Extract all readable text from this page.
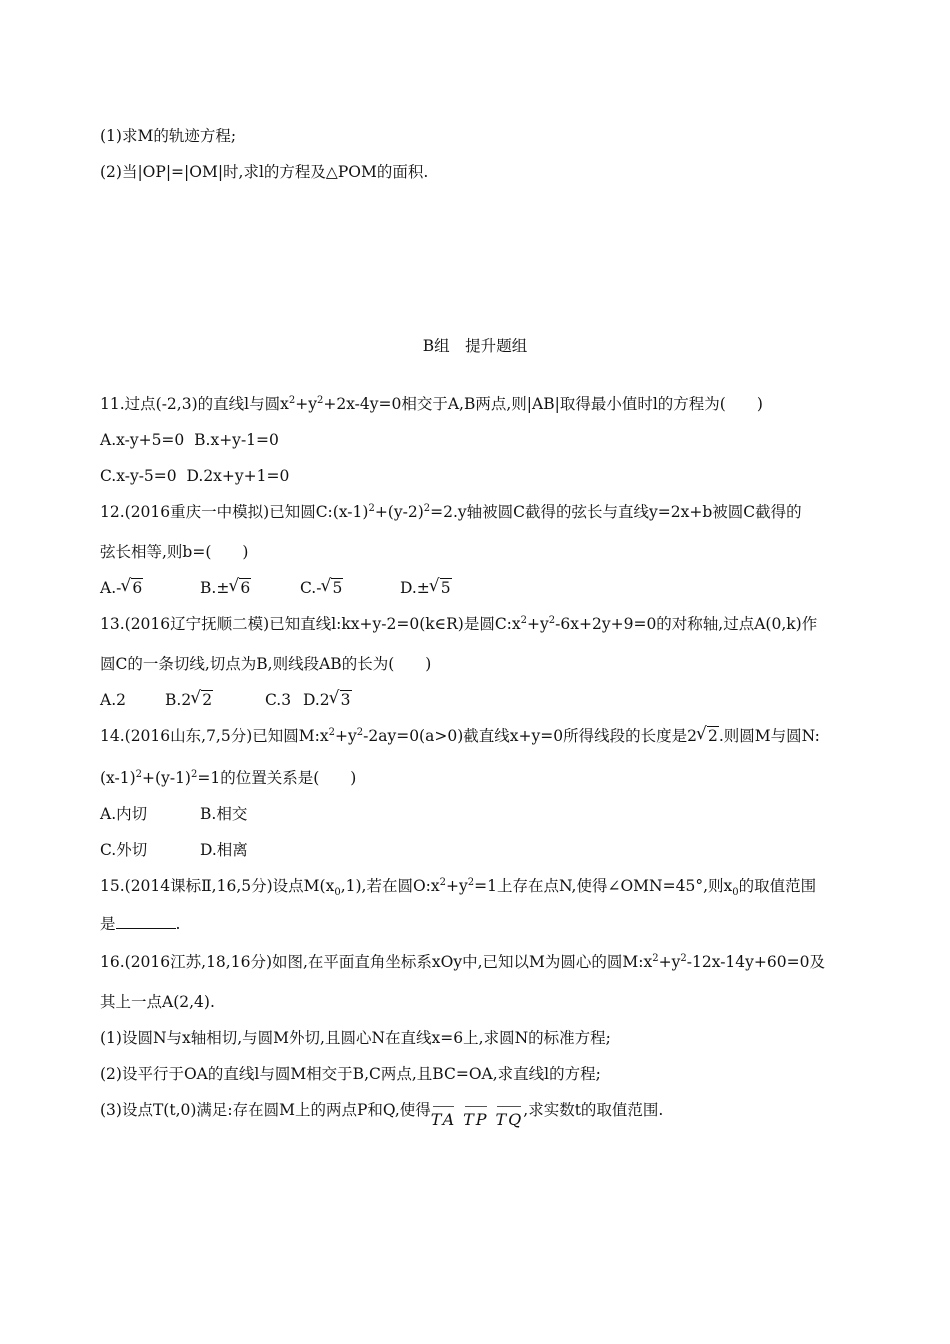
(1)求M的轨迹方程;
(2)当|OP|=|OM|时,求l的方程及△POM的面积.
B组　提升题组
11.过点(-2,3)的直线l与圆$x^2+y^2+2x-4y=0$相交于A,B两点,则|AB|取得最小值时l的方程为(　　)
A.x-y+5=0 B.x+y-1=0
C.x-y-5=0 D.2x+y+1=0
12.(2016重庆一中模拟)已知圆$C:(x-1)^2+(y-2)^2=2.y$轴被圆C截得的弦长与直线y=2x+b被圆C截得的
弦长相等,则b=(　　)
A.- √ 6	B.± √ 6	C.- √ 5	D.± √ 5
13.(2016辽宁抚顺二模)已知直线l:kx+y-2=0(k∈R)是圆$C:x^2+y^2-6x+2y+9=0$的对称轴,过点A(0,k)作
圆C的一条切线,切点为B,则线段AB的长为(　　)
A.2	B.2 √ 2	C.3 D.2 √ 3
14.(2016山东,7,5分)已知圆$M:x^2+y^2-2ay=0(a>0)$截直线x+y=0所得线段的长度是2 √ 2.则圆M与圆N:
$(x-1)^2+(y-1)^2=1$的位置关系是(　　)
A.内切	B.相交
C.外切	D.相离
15.(2014课标Ⅱ,16,5分)设点$M(x_0,1)$,若在圆$O:x^2+y^2=1$上存在点N,使得∠OMN=45°,则$x_0$的取值范围
是	.
16.(2016江苏,18,16分)如图,在平面直角坐标系xOy中,已知以M为圆心的圆$M:x^2+y^2-12x-14y+60=0$及
其上一点A(2,4).
(1)设圆N与x轴相切,与圆M外切,且圆心N在直线x=6上,求圆N的标准方程;
(2)设平行于OA的直线l与圆M相交于B,C两点,且BC=OA,求直线l的方程;
(3)设点T(t,0)满足:存在圆M上的两点P和Q,使得TA TP TQ,求实数t的取值范围.
